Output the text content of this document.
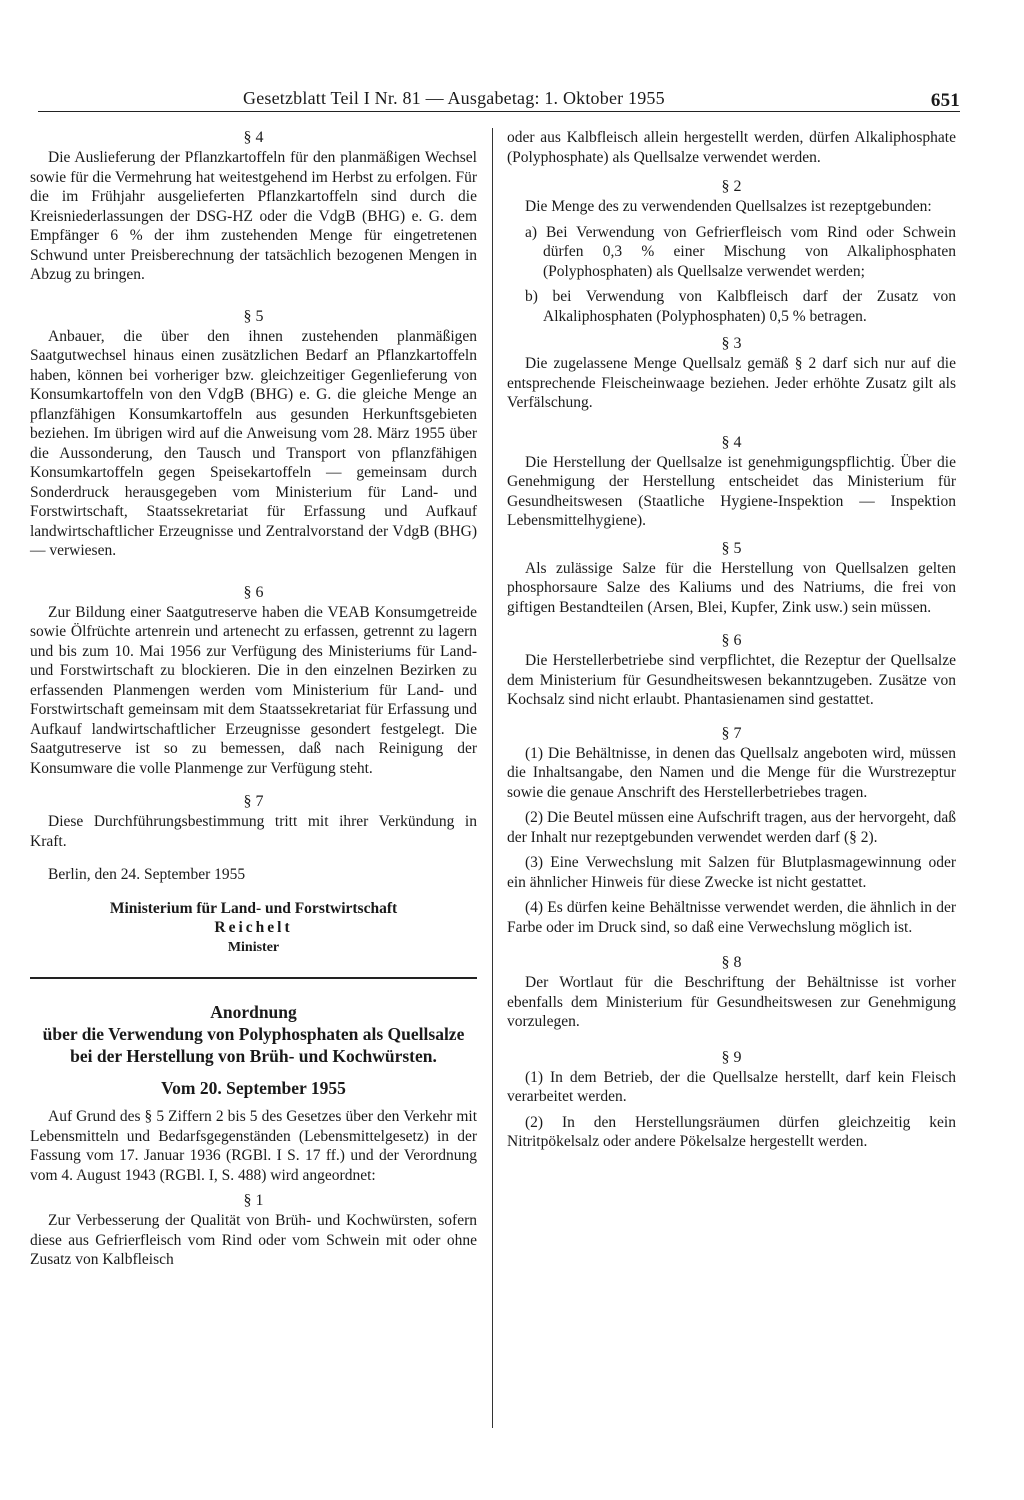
Gesetzblatt Teil I Nr. 81 — Ausgabetag: 1. Oktober 1955	651
§ 4

Die Auslieferung der Pflanzkartoffeln für den planmäßigen Wechsel sowie für die Vermehrung hat weitestgehend im Herbst zu erfolgen. Für die im Frühjahr ausgelieferten Pflanzkartoffeln sind durch die Kreisniederlassungen der DSG-HZ oder die VdgB (BHG) e. G. dem Empfänger 6 % der ihm zustehenden Menge für eingetretenen Schwund unter Preisberechnung der tatsächlich bezogenen Mengen in Abzug zu bringen.

§ 5

Anbauer, die über den ihnen zustehenden planmäßigen Saatgutwechsel hinaus einen zusätzlichen Bedarf an Pflanzkartoffeln haben, können bei vorheriger bzw. gleichzeitiger Gegenlieferung von Konsumkartoffeln von den VdgB (BHG) e. G. die gleiche Menge an pflanzfähigen Konsumkartoffeln aus gesunden Herkunftsgebieten beziehen. Im übrigen wird auf die Anweisung vom 28. März 1955 über die Aussonderung, den Tausch und Transport von pflanzfähigen Konsumkartoffeln gegen Speisekartoffeln — gemeinsam durch Sonderdruck herausgegeben vom Ministerium für Land- und Forstwirtschaft, Staatssekretariat für Erfassung und Aufkauf landwirtschaftlicher Erzeugnisse und Zentralvorstand der VdgB (BHG) — verwiesen.

§ 6

Zur Bildung einer Saatgutreserve haben die VEAB Konsumgetreide sowie Ölfrüchte artenrein und artenecht zu erfassen, getrennt zu lagern und bis zum 10. Mai 1956 zur Verfügung des Ministeriums für Land- und Forstwirtschaft zu blockieren. Die in den einzelnen Bezirken zu erfassenden Planmengen werden vom Ministerium für Land- und Forstwirtschaft gemeinsam mit dem Staatssekretariat für Erfassung und Aufkauf landwirtschaftlicher Erzeugnisse gesondert festgelegt. Die Saatgutreserve ist so zu bemessen, daß nach Reinigung der Konsumware die volle Planmenge zur Verfügung steht.

§ 7

Diese Durchführungsbestimmung tritt mit ihrer Verkündung in Kraft.

Berlin, den 24. September 1955

Ministerium für Land- und Forstwirtschaft

Reichelt

Minister

Anordnung
über die Verwendung von Polyphosphaten als Quellsalze bei der Herstellung von Brüh- und Kochwürsten.
Vom 20. September 1955

Auf Grund des § 5 Ziffern 2 bis 5 des Gesetzes über den Verkehr mit Lebensmitteln und Bedarfsgegenständen (Lebensmittelgesetz) in der Fassung vom 17. Januar 1936 (RGBl. I S. 17 ff.) und der Verordnung vom 4. August 1943 (RGBl. I, S. 488) wird angeordnet:

§ 1

Zur Verbesserung der Qualität von Brüh- und Kochwürsten, sofern diese aus Gefrierfleisch vom Rind oder vom Schwein mit oder ohne Zusatz von Kalbfleisch

oder aus Kalbfleisch allein hergestellt werden, dürfen Alkaliphosphate (Polyphosphate) als Quellsalze verwendet werden.

§ 2

Die Menge des zu verwendenden Quellsalzes ist rezeptgebunden:

a) Bei Verwendung von Gefrierfleisch vom Rind oder Schwein dürfen 0,3 % einer Mischung von Alkaliphosphaten (Polyphosphaten) als Quellsalze verwendet werden;

b) bei Verwendung von Kalbfleisch darf der Zusatz von Alkaliphosphaten (Polyphosphaten) 0,5 % betragen.

§ 3

Die zugelassene Menge Quellsalz gemäß § 2 darf sich nur auf die entsprechende Fleischeinwaage beziehen. Jeder erhöhte Zusatz gilt als Verfälschung.

§ 4

Die Herstellung der Quellsalze ist genehmigungspflichtig. Über die Genehmigung der Herstellung entscheidet das Ministerium für Gesundheitswesen (Staatliche Hygiene-Inspektion — Inspektion Lebensmittelhygiene).

§ 5

Als zulässige Salze für die Herstellung von Quellsalzen gelten phosphorsaure Salze des Kaliums und des Natriums, die frei von giftigen Bestandteilen (Arsen, Blei, Kupfer, Zink usw.) sein müssen.

§ 6

Die Herstellerbetriebe sind verpflichtet, die Rezeptur der Quellsalze dem Ministerium für Gesundheitswesen bekanntzugeben. Zusätze von Kochsalz sind nicht erlaubt. Phantasienamen sind gestattet.

§ 7

(1) Die Behältnisse, in denen das Quellsalz angeboten wird, müssen die Inhaltsangabe, den Namen und die Menge für die Wurstrezeptur sowie die genaue Anschrift des Herstellerbetriebes tragen.

(2) Die Beutel müssen eine Aufschrift tragen, aus der hervorgeht, daß der Inhalt nur rezeptgebunden verwendet werden darf (§ 2).

(3) Eine Verwechslung mit Salzen für Blutplasmagewinnung oder ein ähnlicher Hinweis für diese Zwecke ist nicht gestattet.

(4) Es dürfen keine Behältnisse verwendet werden, die ähnlich in der Farbe oder im Druck sind, so daß eine Verwechslung möglich ist.

§ 8

Der Wortlaut für die Beschriftung der Behältnisse ist vorher ebenfalls dem Ministerium für Gesundheitswesen zur Genehmigung vorzulegen.

§ 9

(1) In dem Betrieb, der die Quellsalze herstellt, darf kein Fleisch verarbeitet werden.

(2) In den Herstellungsräumen dürfen gleichzeitig kein Nitritpökelsalz oder andere Pökelsalze hergestellt werden.
